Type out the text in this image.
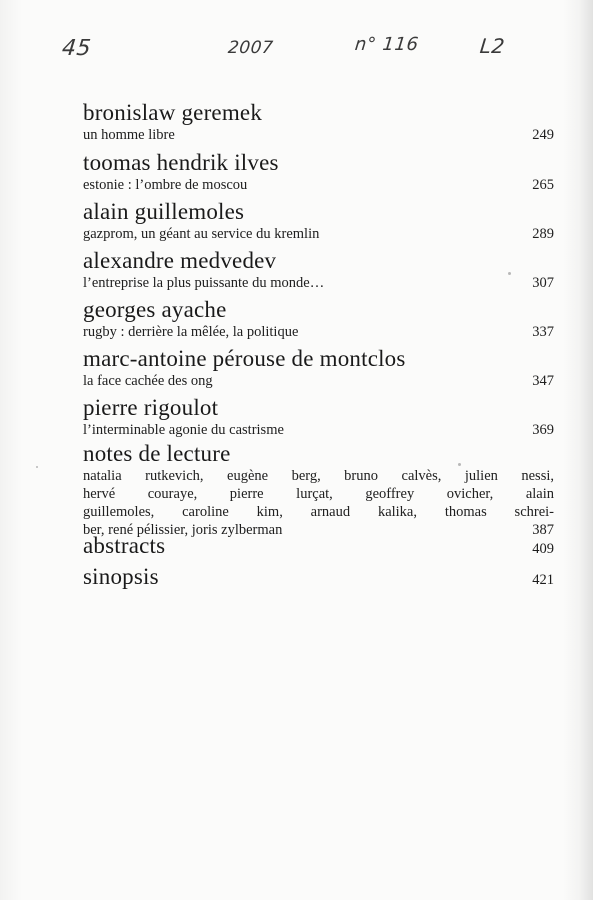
45	2007	n° 116	L2
bronislaw geremek
un homme libre	249
toomas hendrik ilves
estonie : l’ombre de moscou	265
alain guillemoles
gazprom, un géant au service du kremlin	289
alexandre medvedev
l’entreprise la plus puissante du monde…	307
georges ayache
rugby : derrière la mêlée, la politique	337
marc-antoine pérouse de montclos
la face cachée des ong	347
pierre rigoulot
l’interminable agonie du castrisme	369
notes de lecture
natalia rutkevich, eugène berg, bruno calvès, julien nessi,
hervé couraye, pierre lurçat, geoffrey ovicher, alain
guillemoles, caroline kim, arnaud kalika, thomas schrei-
ber, rené pélissier, joris zylberman	387
abstracts	409
sinopsis	421
